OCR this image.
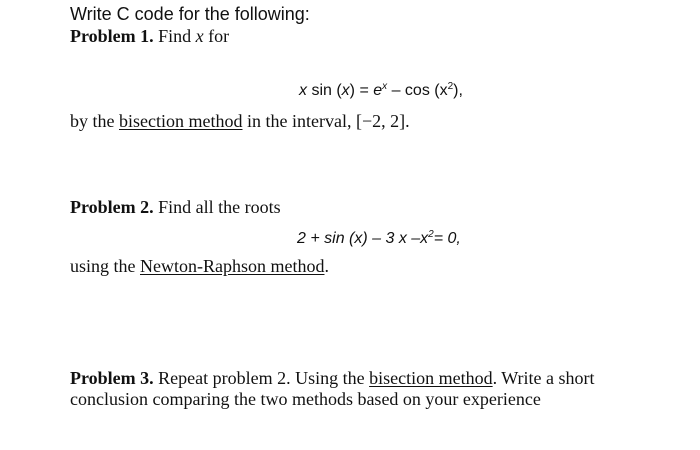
Write C code for the following:
Problem 1. Find x for
x $\sin (x) = e^x - \cos (x^2)$,
by the bisection method in the interval, [−2, 2].
Problem 2. Find all the roots
2 + sin (x) – 3 x $-x^2= 0$,
using the Newton-Raphson method.
Problem 3. Repeat problem 2. Using the bisection method. Write a short
conclusion comparing the two methods based on your experience
